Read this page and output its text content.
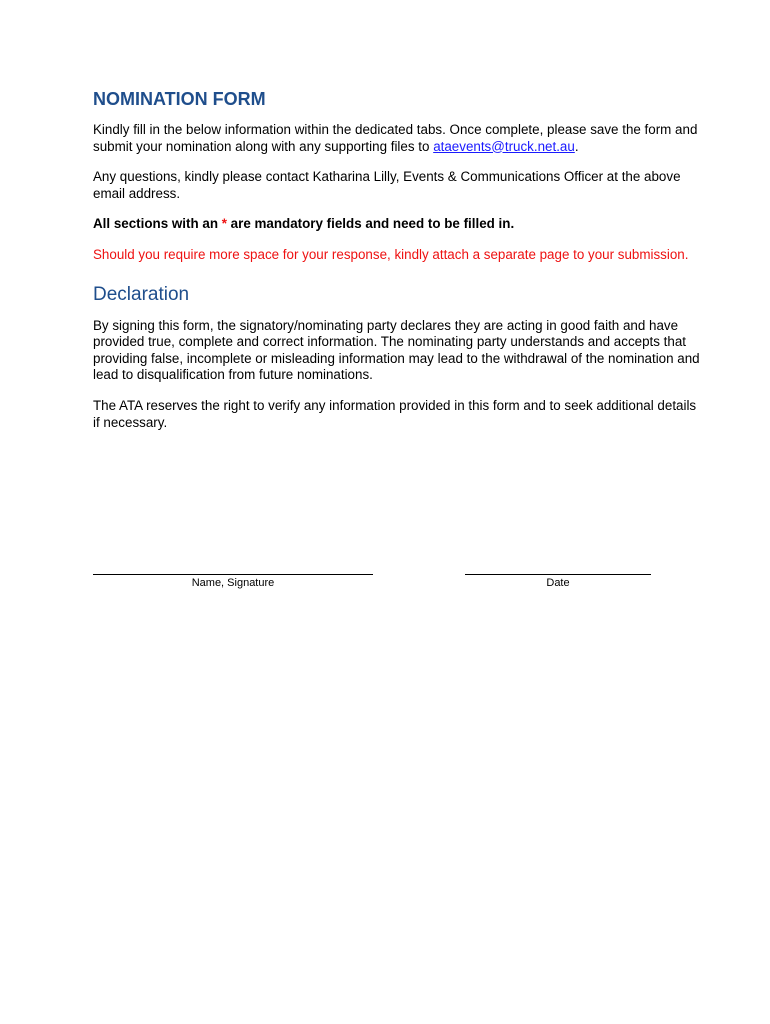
NOMINATION FORM

Kindly fill in the below information within the dedicated tabs. Once complete, please save the form and submit your nomination along with any supporting files to ataevents@truck.net.au.

Any questions, kindly please contact Katharina Lilly, Events & Communications Officer at the above email address.

All sections with an * are mandatory fields and need to be filled in.

Should you require more space for your response, kindly attach a separate page to your submission.

Declaration

By signing this form, the signatory/nominating party declares they are acting in good faith and have provided true, complete and correct information. The nominating party understands and accepts that providing false, incomplete or misleading information may lead to the withdrawal of the nomination and lead to disqualification from future nominations.

The ATA reserves the right to verify any information provided in this form and to seek additional details if necessary.

Name, Signature	Date
